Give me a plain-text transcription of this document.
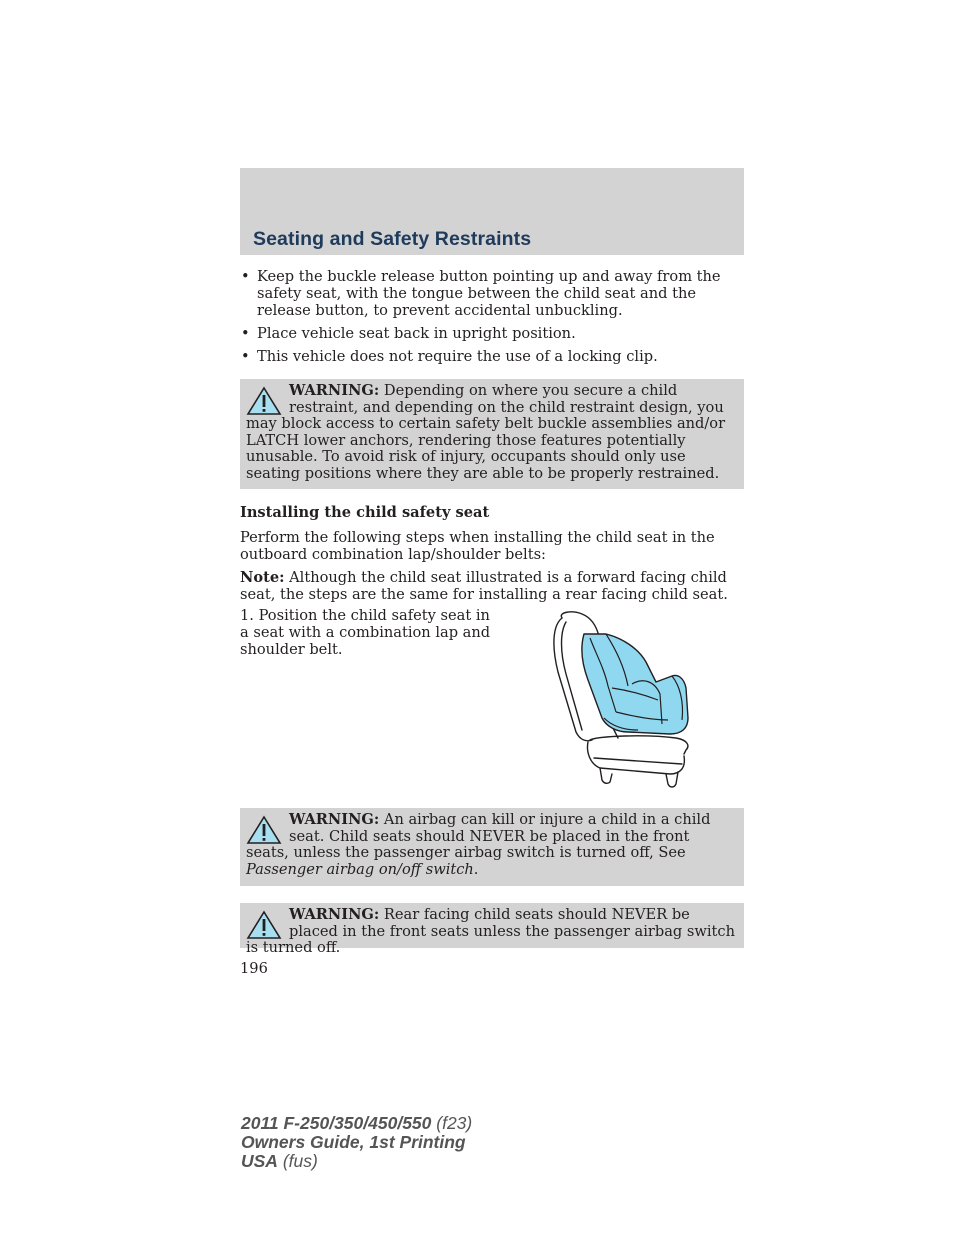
Seating and Safety Restraints
• Keep the buckle release button pointing up and away from the safety seat, with the tongue between the child seat and the release button, to prevent accidental unbuckling.
• Place vehicle seat back in upright position.
• This vehicle does not require the use of a locking clip.
WARNING: Depending on where you secure a child restraint, and depending on the child restraint design, you may block access to certain safety belt buckle assemblies and/or LATCH lower anchors, rendering those features potentially unusable. To avoid risk of injury, occupants should only use seating positions where they are able to be properly restrained.
Installing the child safety seat
Perform the following steps when installing the child seat in the outboard combination lap/shoulder belts:
Note: Although the child seat illustrated is a forward facing child seat, the steps are the same for installing a rear facing child seat.
1. Position the child safety seat in a seat with a combination lap and shoulder belt.
WARNING: An airbag can kill or injure a child in a child seat. Child seats should NEVER be placed in the front seats, unless the passenger airbag switch is turned off, See Passenger airbag on/off switch.
WARNING: Rear facing child seats should NEVER be placed in the front seats unless the passenger airbag switch is turned off.
196
2011 F-250/350/450/550 (f23)
Owners Guide, 1st Printing
USA (fus)
